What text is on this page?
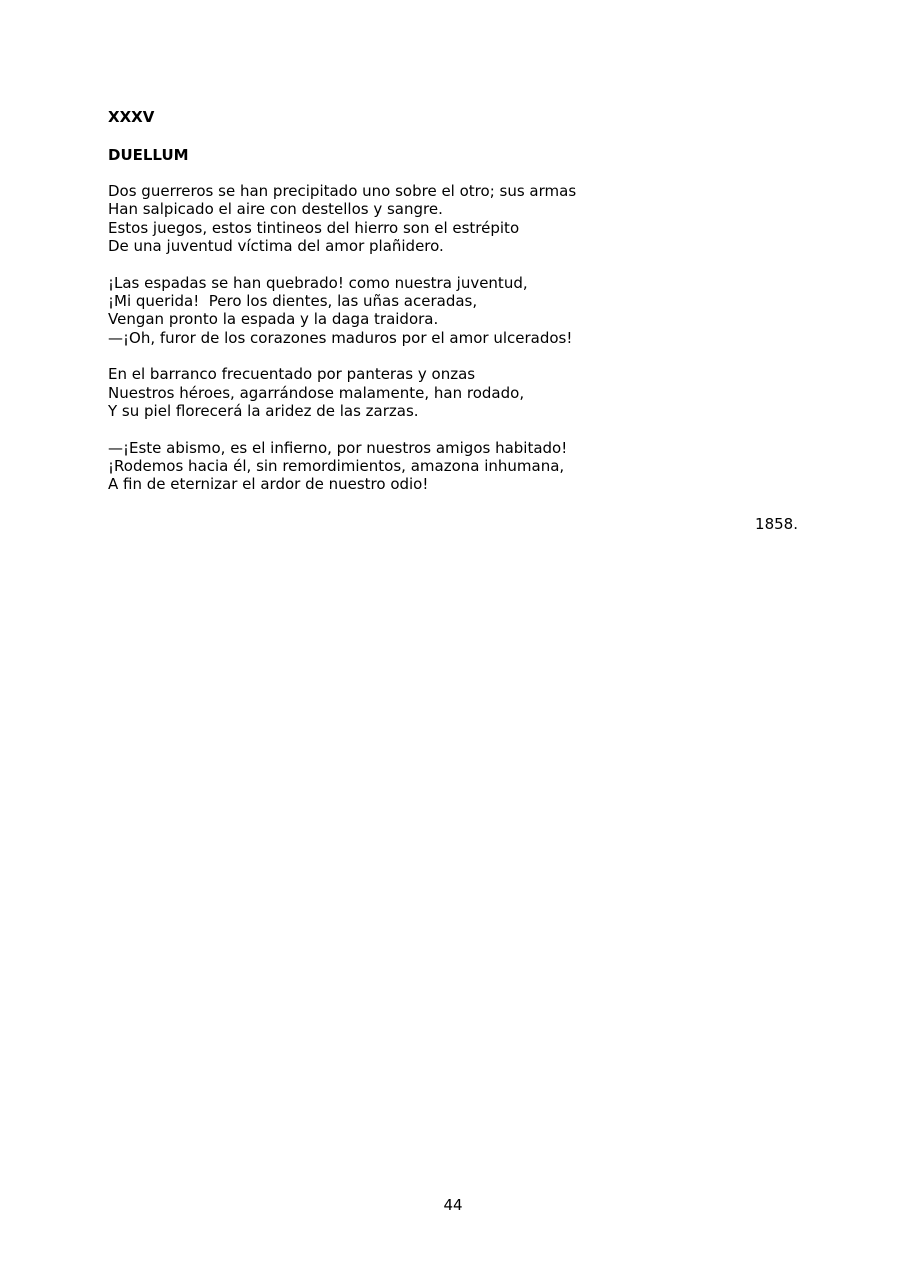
XXXV
DUELLUM

Dos guerreros se han precipitado uno sobre el otro; sus armas
Han salpicado el aire con destellos y sangre.
Estos juegos, estos tintineos del hierro son el estrépito
De una juventud víctima del amor plañidero.

¡Las espadas se han quebrado! como nuestra juventud,
¡Mi querida!  Pero los dientes, las uñas aceradas,
Vengan pronto la espada y la daga traidora.
—¡Oh, furor de los corazones maduros por el amor ulcerados!

En el barranco frecuentado por panteras y onzas
Nuestros héroes, agarrándose malamente, han rodado,
Y su piel florecerá la aridez de las zarzas.

—¡Este abismo, es el infierno, por nuestros amigos habitado!
¡Rodemos hacia él, sin remordimientos, amazona inhumana,
A fin de eternizar el ardor de nuestro odio!

1858.
44
